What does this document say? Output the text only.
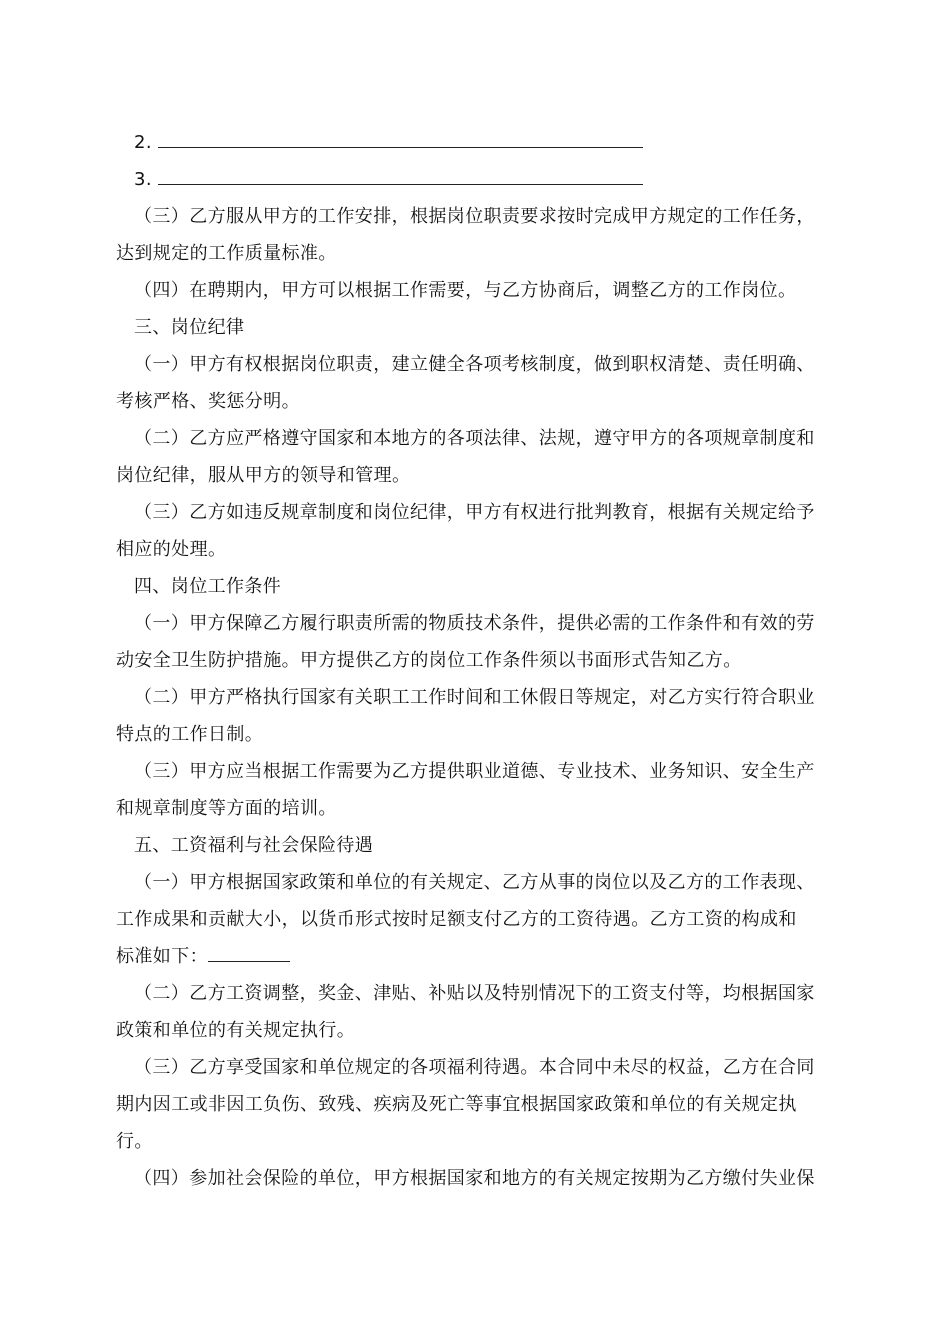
2.
3.
（三）乙方服从甲方的工作安排，根据岗位职责要求按时完成甲方规定的工作任务，
达到规定的工作质量标准。
（四）在聘期内，甲方可以根据工作需要，与乙方协商后，调整乙方的工作岗位。
三、岗位纪律
（一）甲方有权根据岗位职责，建立健全各项考核制度，做到职权清楚、责任明确、
考核严格、奖惩分明。
（二）乙方应严格遵守国家和本地方的各项法律、法规，遵守甲方的各项规章制度和
岗位纪律，服从甲方的领导和管理。
（三）乙方如违反规章制度和岗位纪律，甲方有权进行批判教育，根据有关规定给予
相应的处理。
四、岗位工作条件
（一）甲方保障乙方履行职责所需的物质技术条件，提供必需的工作条件和有效的劳
动安全卫生防护措施。甲方提供乙方的岗位工作条件须以书面形式告知乙方。
（二）甲方严格执行国家有关职工工作时间和工休假日等规定，对乙方实行符合职业
特点的工作日制。
（三）甲方应当根据工作需要为乙方提供职业道德、专业技术、业务知识、安全生产
和规章制度等方面的培训。
五、工资福利与社会保险待遇
（一）甲方根据国家政策和单位的有关规定、乙方从事的岗位以及乙方的工作表现、
工作成果和贡献大小，以货币形式按时足额支付乙方的工资待遇。乙方工资的构成和
标准如下：
（二）乙方工资调整，奖金、津贴、补贴以及特别情况下的工资支付等，均根据国家
政策和单位的有关规定执行。
（三）乙方享受国家和单位规定的各项福利待遇。本合同中未尽的权益，乙方在合同
期内因工或非因工负伤、致残、疾病及死亡等事宜根据国家政策和单位的有关规定执
行。
（四）参加社会保险的单位，甲方根据国家和地方的有关规定按期为乙方缴付失业保
